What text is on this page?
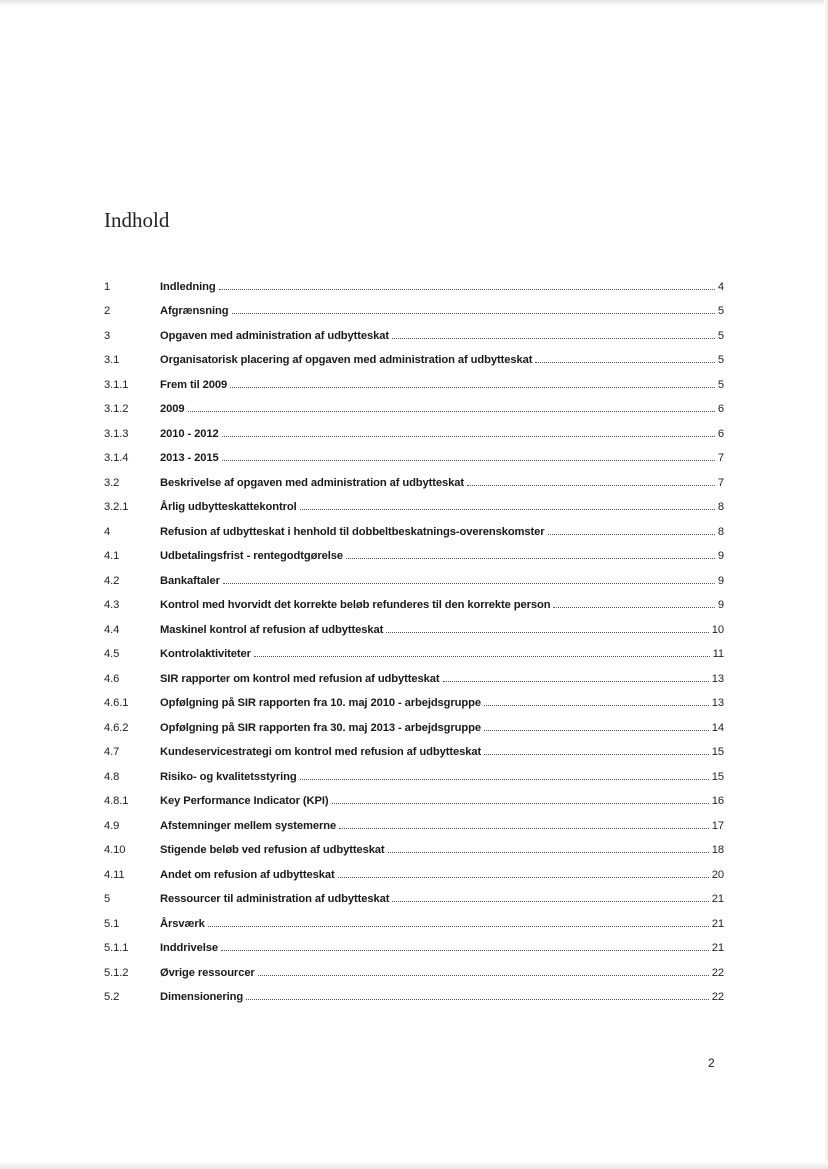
Indhold
1	Indledning	4
2	Afgrænsning	5
3	Opgaven med administration af udbytteskat	5
3.1	Organisatorisk placering af opgaven med administration af udbytteskat	5
3.1.1	Frem til 2009	5
3.1.2	2009	6
3.1.3	2010 - 2012	6
3.1.4	2013 - 2015	7
3.2	Beskrivelse af opgaven med administration af udbytteskat	7
3.2.1	Årlig udbytteskattekontrol	8
4	Refusion af udbytteskat i henhold til dobbeltbeskatnings-overenskomster	8
4.1	Udbetalingsfrist - rentegodtgørelse	9
4.2	Bankaftaler	9
4.3	Kontrol med hvorvidt det korrekte beløb refunderes til den korrekte person	9
4.4	Maskinel kontrol af refusion af udbytteskat	10
4.5	Kontrolaktiviteter	11
4.6	SIR rapporter om kontrol med refusion af udbytteskat	13
4.6.1	Opfølgning på SIR rapporten fra 10. maj 2010 - arbejdsgruppe	13
4.6.2	Opfølgning på SIR rapporten fra 30. maj 2013 - arbejdsgruppe	14
4.7	Kundeservicestrategi om kontrol med refusion af udbytteskat	15
4.8	Risiko- og kvalitetsstyring	15
4.8.1	Key Performance Indicator (KPI)	16
4.9	Afstemninger mellem systemerne	17
4.10	Stigende beløb ved refusion af udbytteskat	18
4.11	Andet om refusion af udbytteskat	20
5	Ressourcer til administration af udbytteskat	21
5.1	Årsværk	21
5.1.1	Inddrivelse	21
5.1.2	Øvrige ressourcer	22
5.2	Dimensionering	22
2
